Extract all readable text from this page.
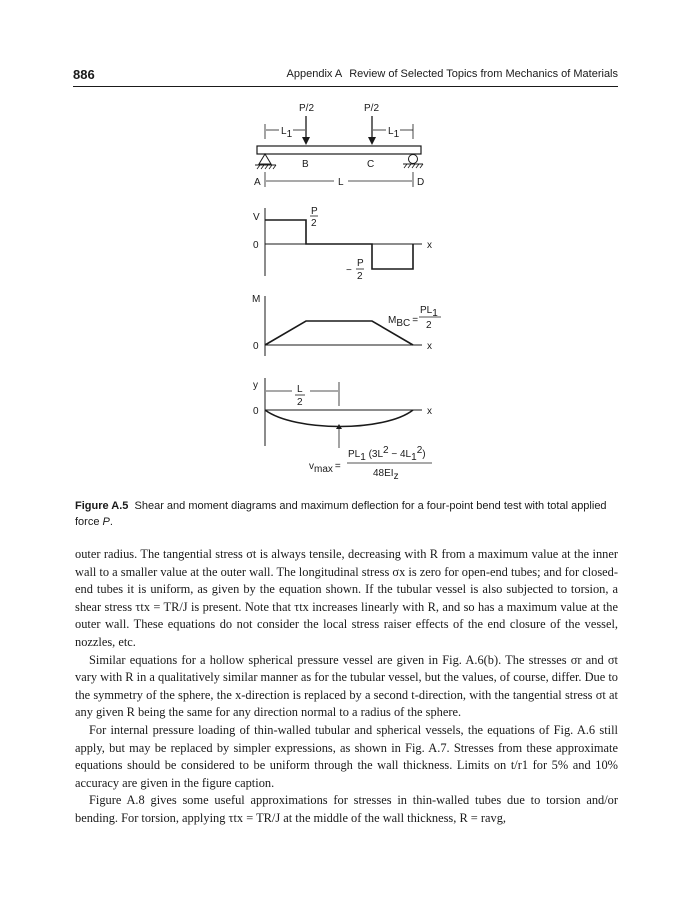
886	Appendix A Review of Selected Topics from Mechanics of Materials
P/2	P/2
L1	L1
B	C
A	D
L
V
0	x
P
2
−
P
2
M
0	x
MBC =
PL1
2
y
0	x
L
2
vmax =
PL1 (3L2 − 4L12)
48EIz
Figure A.5 Shear and moment diagrams and maximum deflection for a four-point bend test with total applied force P.

outer radius. The tangential stress σt is always tensile, decreasing with R from a maximum value at the inner wall to a smaller value at the outer wall. The longitudinal stress σx is zero for open-end tubes; and for closed-end tubes it is uniform, as given by the equation shown. If the tubular vessel is also subjected to torsion, a shear stress τtx = TR/J is present. Note that τtx increases linearly with R, and so has a maximum value at the outer wall. These equations do not consider the local stress raiser effects of the end closure of the vessel, nozzles, etc.

Similar equations for a hollow spherical pressure vessel are given in Fig. A.6(b). The stresses σr and σt vary with R in a qualitatively similar manner as for the tubular vessel, but the values, of course, differ. Due to the symmetry of the sphere, the x-direction is replaced by a second t-direction, with the tangential stress σt at any given R being the same for any direction normal to a radius of the sphere.

For internal pressure loading of thin-walled tubular and spherical vessels, the equations of Fig. A.6 still apply, but may be replaced by simpler expressions, as shown in Fig. A.7. Stresses from these approximate equations should be considered to be uniform through the wall thickness. Limits on t/r1 for 5% and 10% accuracy are given in the figure caption.

Figure A.8 gives some useful approximations for stresses in thin-walled tubes due to torsion and/or bending. For torsion, applying τtx = TR/J at the middle of the wall thickness, R = ravg,
